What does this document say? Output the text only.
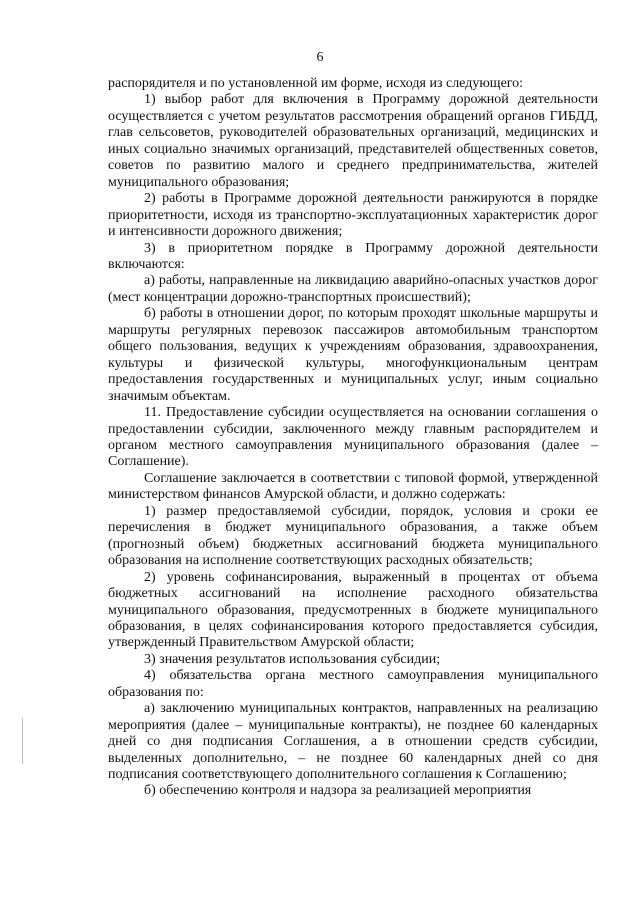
6

распорядителя и по установленной им форме, исходя из следующего:

1) выбор работ для включения в Программу дорожной деятельности осуществляется с учетом результатов рассмотрения обращений органов ГИБДД, глав сельсоветов, руководителей образовательных организаций, медицинских и иных социально значимых организаций, представителей общественных советов, советов по развитию малого и среднего предпринимательства, жителей муниципального образования;

2) работы в Программе дорожной деятельности ранжируются в порядке приоритетности, исходя из транспортно-эксплуатационных характеристик дорог и интенсивности дорожного движения;

3) в приоритетном порядке в Программу дорожной деятельности включаются:

а) работы, направленные на ликвидацию аварийно-опасных участков дорог (мест концентрации дорожно-транспортных происшествий);

б) работы в отношении дорог, по которым проходят школьные маршруты и маршруты регулярных перевозок пассажиров автомобильным транспортом общего пользования, ведущих к учреждениям образования, здравоохранения, культуры и физической культуры, многофункциональным центрам предоставления государственных и муниципальных услуг, иным социально значимым объектам.

11. Предоставление субсидии осуществляется на основании соглашения о предоставлении субсидии, заключенного между главным распорядителем и органом местного самоуправления муниципального образования (далее – Соглашение).

Соглашение заключается в соответствии с типовой формой, утвержденной министерством финансов Амурской области, и должно содержать:

1) размер предоставляемой субсидии, порядок, условия и сроки ее перечисления в бюджет муниципального образования, а также объем (прогнозный объем) бюджетных ассигнований бюджета муниципального образования на исполнение соответствующих расходных обязательств;

2) уровень софинансирования, выраженный в процентах от объема бюджетных ассигнований на исполнение расходного обязательства муниципального образования, предусмотренных в бюджете муниципального образования, в целях софинансирования которого предоставляется субсидия, утвержденный Правительством Амурской области;

3) значения результатов использования субсидии;

4) обязательства органа местного самоуправления муниципального образования по:

а) заключению муниципальных контрактов, направленных на реализацию мероприятия (далее – муниципальные контракты), не позднее 60 календарных дней со дня подписания Соглашения, а в отношении средств субсидии, выделенных дополнительно, – не позднее 60 календарных дней со дня подписания соответствующего дополнительного соглашения к Соглашению;

б) обеспечению контроля и надзора за реализацией мероприятия
